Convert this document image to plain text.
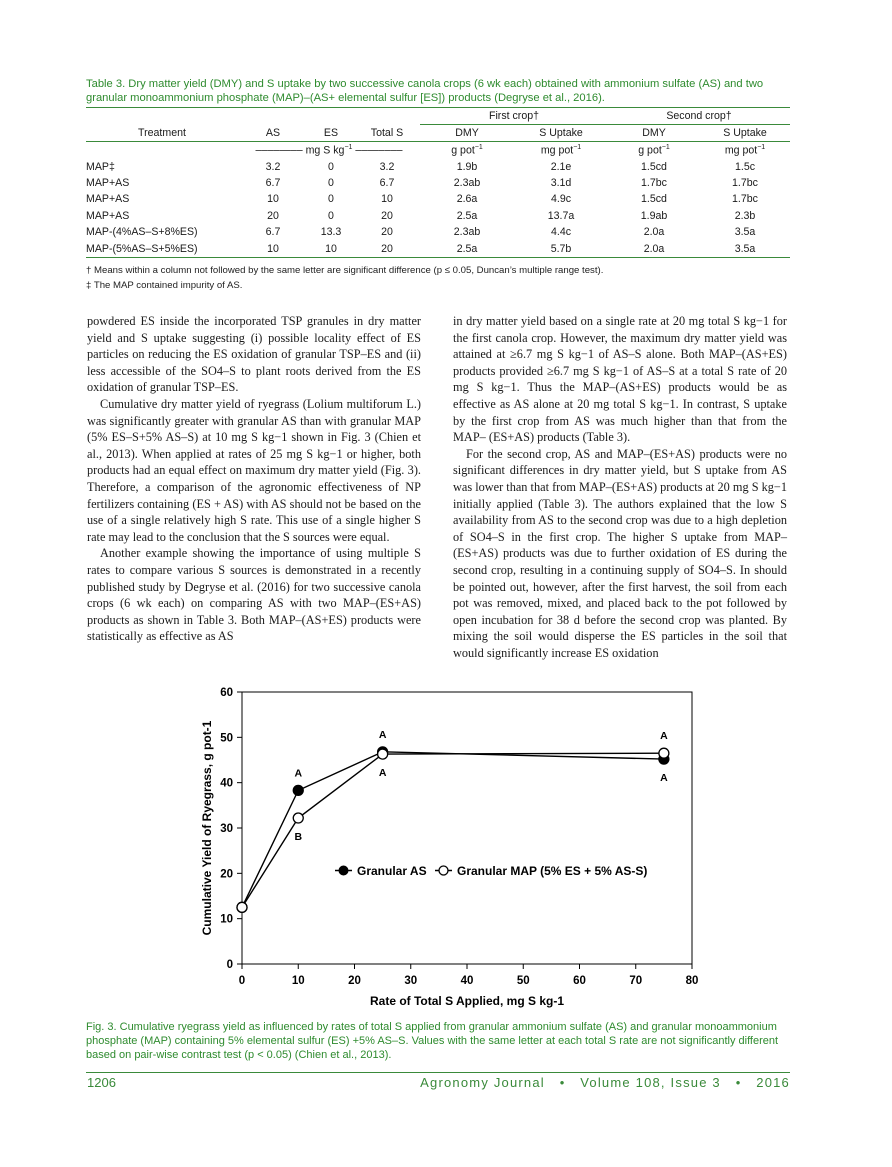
Table 3. Dry matter yield (DMY) and S uptake by two successive canola crops (6 wk each) obtained with ammonium sulfate (AS) and two granular monoammonium phosphate (MAP)–(AS+ elemental sulfur [ES]) products (Degryse et al., 2016).

				First crop†		Second crop†	
Treatment	AS	ES	Total S	DMY	S Uptake	DMY	S Uptake

	–––––––– mg S $kg^{-1}$ ––––––––			g pot$^{-1}$	mg pot$^{-1}$	g pot$^{-1}$	mg pot$^{-1}$
MAP‡	3.2	0	3.2	1.9b	2.1e	1.5cd	1.5c
MAP+AS	6.7	0	6.7	2.3ab	3.1d	1.7bc	1.7bc
MAP+AS	10	0	10	2.6a	4.9c	1.5cd	1.7bc
MAP+AS	20	0	20	2.5a	13.7a	1.9ab	2.3b
MAP-(4%AS–S+8%ES)	6.7	13.3	20	2.3ab	4.4c	2.0a	3.5a
MAP-(5%AS–S+5%ES)	10	10	20	2.5a	5.7b	2.0a	3.5a

† Means within a column not followed by the same letter are significant difference (p ≤ 0.05, Duncan’s multiple range test).
‡ The MAP contained impurity of AS.

powdered ES inside the incorporated TSP granules in dry matter yield and S uptake suggesting (i) possible locality effect of ES particles on reducing the ES oxidation of granular TSP–ES and (ii) less accessible of the SO4–S to plant roots derived from the ES oxidation of granular TSP–ES.

Cumulative dry matter yield of ryegrass (Lolium multiforum L.) was significantly greater with granular AS than with granular MAP (5% ES–S+5% AS–S) at 10 mg S kg−1 shown in Fig. 3 (Chien et al., 2013). When applied at rates of 25 mg S kg−1 or higher, both products had an equal effect on maximum dry matter yield (Fig. 3). Therefore, a comparison of the agronomic effectiveness of NP fertilizers containing (ES + AS) with AS should not be based on the use of a single relatively high S rate. This use of a single higher S rate may lead to the conclusion that the S sources were equal.

Another example showing the importance of using multiple S rates to compare various S sources is demonstrated in a recently published study by Degryse et al. (2016) for two successive canola crops (6 wk each) on comparing AS with two MAP–(ES+AS) products as shown in Table 3. Both MAP–(AS+ES) products were statistically as effective as AS

in dry matter yield based on a single rate at 20 mg total S kg−1 for the first canola crop. However, the maximum dry matter yield was attained at ≥6.7 mg S kg−1 of AS–S alone. Both MAP–(AS+ES) products provided ≥6.7 mg S kg−1 of AS–S at a total S rate of 20 mg S kg−1. Thus the MAP–(AS+ES) products would be as effective as AS alone at 20 mg total S kg−1. In contrast, S uptake by the first crop from AS was much higher than that from the MAP– (ES+AS) products (Table 3).

For the second crop, AS and MAP–(ES+AS) products were no significant differences in dry matter yield, but S uptake from AS was lower than that from MAP–(ES+AS) products at 20 mg S kg−1 initially applied (Table 3). The authors explained that the low S availability from AS to the second crop was due to a high depletion of SO4–S in the first crop. The higher S uptake from MAP–(ES+AS) products was due to further oxidation of ES during the second crop, resulting in a continuing supply of SO4–S. In should be pointed out, however, after the first harvest, the soil from each pot was removed, mixed, and placed back to the pot followed by open incubation for 38 d before the second crop was planted. By mixing the soil would disperse the ES particles in the soil that would significantly increase ES oxidation

0	10	20	30	40	50	60	70	80
0
10
20
30
40
50
60
Rate of Total S Applied, mg S kg-1
Cumulative Yield of Ryegrass, g pot-1	A
A
A
B
A
A
Granular AS	Granular MAP (5% ES + 5% AS-S)
Fig. 3. Cumulative ryegrass yield as influenced by rates of total S applied from granular ammonium sulfate (AS) and granular monoammonium phosphate (MAP) containing 5% elemental sulfur (ES) +5% AS–S. Values with the same letter at each total S rate are not significantly different based on pair-wise contrast test (p < 0.05) (Chien et al., 2013).
1206	Agronomy Journal • Volume 108, Issue 3 • 2016
